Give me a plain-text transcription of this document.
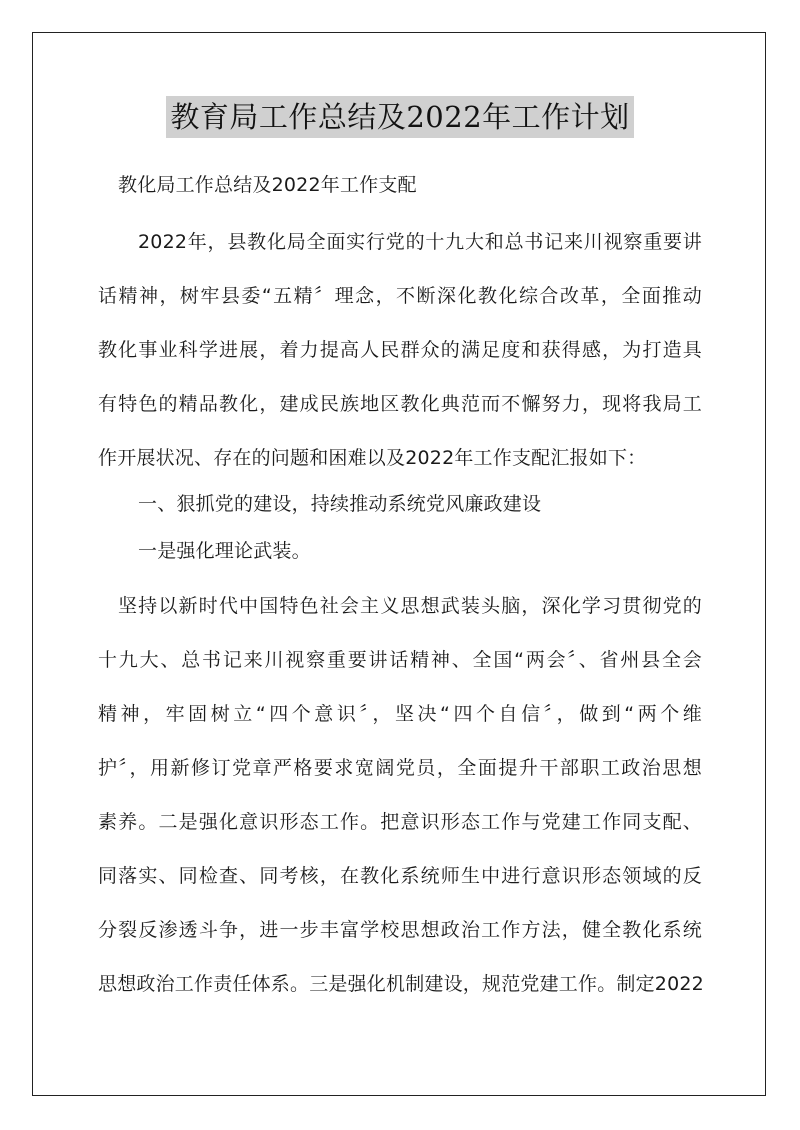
教育局工作总结及2022年工作计划
教化局工作总结及2022年工作支配
2022年，县教化局全面实行党的十九大和总书记来川视察重要讲
话精神，树牢县委“五精〞理念，不断深化教化综合改革，全面推动
教化事业科学进展，着力提高人民群众的满足度和获得感，为打造具
有特色的精品教化，建成民族地区教化典范而不懈努力，现将我局工
作开展状况、存在的问题和困难以及2022年工作支配汇报如下：
一、狠抓党的建设，持续推动系统党风廉政建设
一是强化理论武装。
坚持以新时代中国特色社会主义思想武装头脑，深化学习贯彻党的
十九大、总书记来川视察重要讲话精神、全国“两会〞、省州县全会
精神，牢固树立“四个意识〞，坚决“四个自信〞，做到“两个维
护〞，用新修订党章严格要求宽阔党员，全面提升干部职工政治思想
素养。二是强化意识形态工作。把意识形态工作与党建工作同支配、
同落实、同检查、同考核，在教化系统师生中进行意识形态领域的反
分裂反渗透斗争，进一步丰富学校思想政治工作方法，健全教化系统
思想政治工作责任体系。三是强化机制建设，规范党建工作。制定2022
